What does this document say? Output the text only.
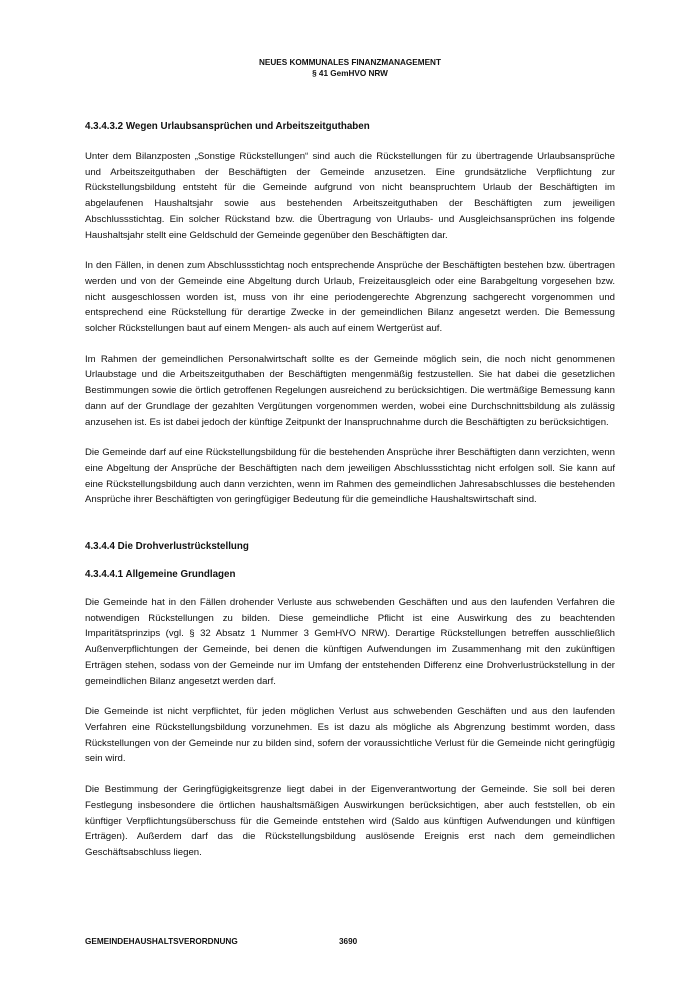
NEUES KOMMUNALES FINANZMANAGEMENT
§ 41 GemHVO NRW
4.3.4.3.2 Wegen Urlaubsansprüchen und Arbeitszeitguthaben

Unter dem Bilanzposten „Sonstige Rückstellungen“ sind auch die Rückstellungen für zu übertragende Urlaubsansprüche und Arbeitszeitguthaben der Beschäftigten der Gemeinde anzusetzen. Eine grundsätzliche Verpflichtung zur Rückstellungsbildung entsteht für die Gemeinde aufgrund von nicht beanspruchtem Urlaub der Beschäftigten im abgelaufenen Haushaltsjahr sowie aus bestehenden Arbeitszeitguthaben der Beschäftigten zum jeweiligen Abschlussstichtag. Ein solcher Rückstand bzw. die Übertragung von Urlaubs- und Ausgleichsansprüchen ins folgende Haushaltsjahr stellt eine Geldschuld der Gemeinde gegenüber den Beschäftigten dar.

In den Fällen, in denen zum Abschlussstichtag noch entsprechende Ansprüche der Beschäftigten bestehen bzw. übertragen werden und von der Gemeinde eine Abgeltung durch Urlaub, Freizeitausgleich oder eine Barabgeltung vorgesehen bzw. nicht ausgeschlossen worden ist, muss von ihr eine periodengerechte Abgrenzung sachgerecht vorgenommen und entsprechend eine Rückstellung für derartige Zwecke in der gemeindlichen Bilanz angesetzt werden. Die Bemessung solcher Rückstellungen baut auf einem Mengen- als auch auf einem Wertgerüst auf.

Im Rahmen der gemeindlichen Personalwirtschaft sollte es der Gemeinde möglich sein, die noch nicht genommenen Urlaubstage und die Arbeitszeitguthaben der Beschäftigten mengenmäßig festzustellen. Sie hat dabei die gesetzlichen Bestimmungen sowie die örtlich getroffenen Regelungen ausreichend zu berücksichtigen. Die wertmäßige Bemessung kann dann auf der Grundlage der gezahlten Vergütungen vorgenommen werden, wobei eine Durchschnittsbildung als zulässig anzusehen ist. Es ist dabei jedoch der künftige Zeitpunkt der Inanspruchnahme durch die Beschäftigten zu berücksichtigen.

Die Gemeinde darf auf eine Rückstellungsbildung für die bestehenden Ansprüche ihrer Beschäftigten dann verzichten, wenn eine Abgeltung der Ansprüche der Beschäftigten nach dem jeweiligen Abschlussstichtag nicht erfolgen soll. Sie kann auf eine Rückstellungsbildung auch dann verzichten, wenn im Rahmen des gemeindlichen Jahresabschlusses die bestehenden Ansprüche ihrer Beschäftigten von geringfügiger Bedeutung für die gemeindliche Haushaltswirtschaft sind.

4.3.4.4 Die Drohverlustrückstellung
4.3.4.4.1 Allgemeine Grundlagen

Die Gemeinde hat in den Fällen drohender Verluste aus schwebenden Geschäften und aus den laufenden Verfahren die notwendigen Rückstellungen zu bilden. Diese gemeindliche Pflicht ist eine Auswirkung des zu beachtenden Imparitätsprinzips (vgl. § 32 Absatz 1 Nummer 3 GemHVO NRW). Derartige Rückstellungen betreffen ausschließlich Außenverpflichtungen der Gemeinde, bei denen die künftigen Aufwendungen im Zusammenhang mit den zukünftigen Erträgen stehen, sodass von der Gemeinde nur im Umfang der entstehenden Differenz eine Drohverlustrückstellung in der gemeindlichen Bilanz angesetzt werden darf.

Die Gemeinde ist nicht verpflichtet, für jeden möglichen Verlust aus schwebenden Geschäften und aus den laufenden Verfahren eine Rückstellungsbildung vorzunehmen. Es ist dazu als mögliche als Abgrenzung bestimmt worden, dass Rückstellungen von der Gemeinde nur zu bilden sind, sofern der voraussichtliche Verlust für die Gemeinde nicht geringfügig sein wird.

Die Bestimmung der Geringfügigkeitsgrenze liegt dabei in der Eigenverantwortung der Gemeinde. Sie soll bei deren Festlegung insbesondere die örtlichen haushaltsmäßigen Auswirkungen berücksichtigen, aber auch feststellen, ob ein künftiger Verpflichtungsüberschuss für die Gemeinde entstehen wird (Saldo aus künftigen Aufwendungen und künftigen Erträgen). Außerdem darf das die Rückstellungsbildung auslösende Ereignis erst nach dem gemeindlichen Geschäftsabschluss liegen.

GEMEINDEHAUSHALTSVERORDNUNG	3690
